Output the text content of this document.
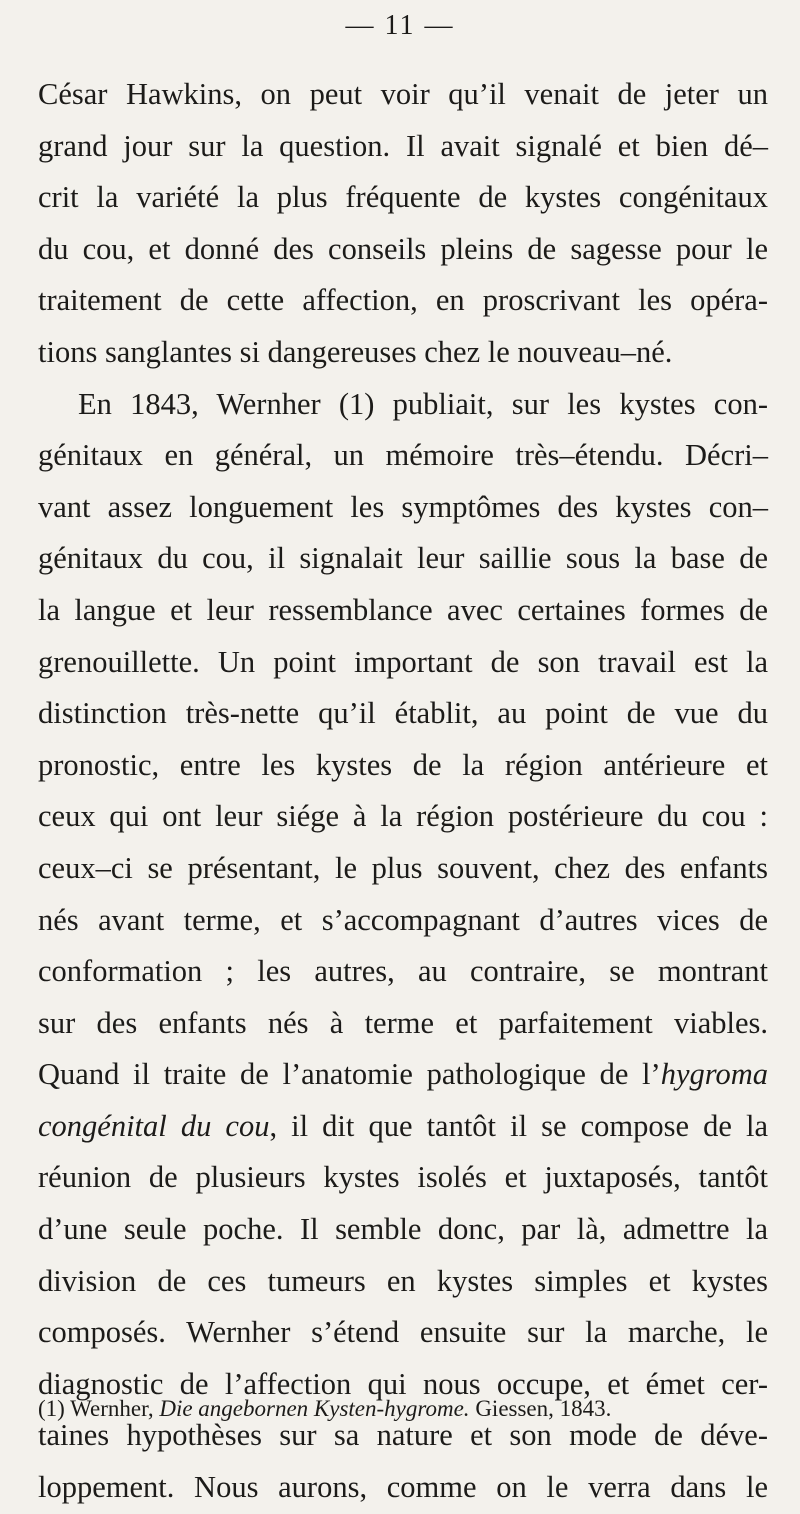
— 11 —
César Hawkins, on peut voir qu’il venait de jeter un
grand jour sur la question. Il avait signalé et bien dé–
crit la variété la plus fréquente de kystes congénitaux
du cou, et donné des conseils pleins de sagesse pour le
traitement de cette affection, en proscrivant les opéra-
tions sanglantes si dangereuses chez le nouveau–né.
En 1843, Wernher (1) publiait, sur les kystes con-
génitaux en général, un mémoire très–étendu. Décri–
vant assez longuement les symptômes des kystes con–
génitaux du cou, il signalait leur saillie sous la base de
la langue et leur ressemblance avec certaines formes de
grenouillette. Un point important de son travail est la
distinction très-nette qu’il établit, au point de vue du
pronostic, entre les kystes de la région antérieure et
ceux qui ont leur siége à la région postérieure du cou :
ceux–ci se présentant, le plus souvent, chez des enfants
nés avant terme, et s’accompagnant d’autres vices de
conformation ; les autres, au contraire, se montrant
sur des enfants nés à terme et parfaitement viables.
Quand il traite de l’anatomie pathologique de l’hygroma
congénital du cou, il dit que tantôt il se compose de la
réunion de plusieurs kystes isolés et juxtaposés, tantôt
d’une seule poche. Il semble donc, par là, admettre la
division de ces tumeurs en kystes simples et kystes
composés. Wernher s’étend ensuite sur la marche, le
diagnostic de l’affection qui nous occupe, et émet cer-
taines hypothèses sur sa nature et son mode de déve-
loppement. Nous aurons, comme on le verra dans le
(1) Wernher, Die angebornen Kysten-hygrome. Giessen, 1843.
